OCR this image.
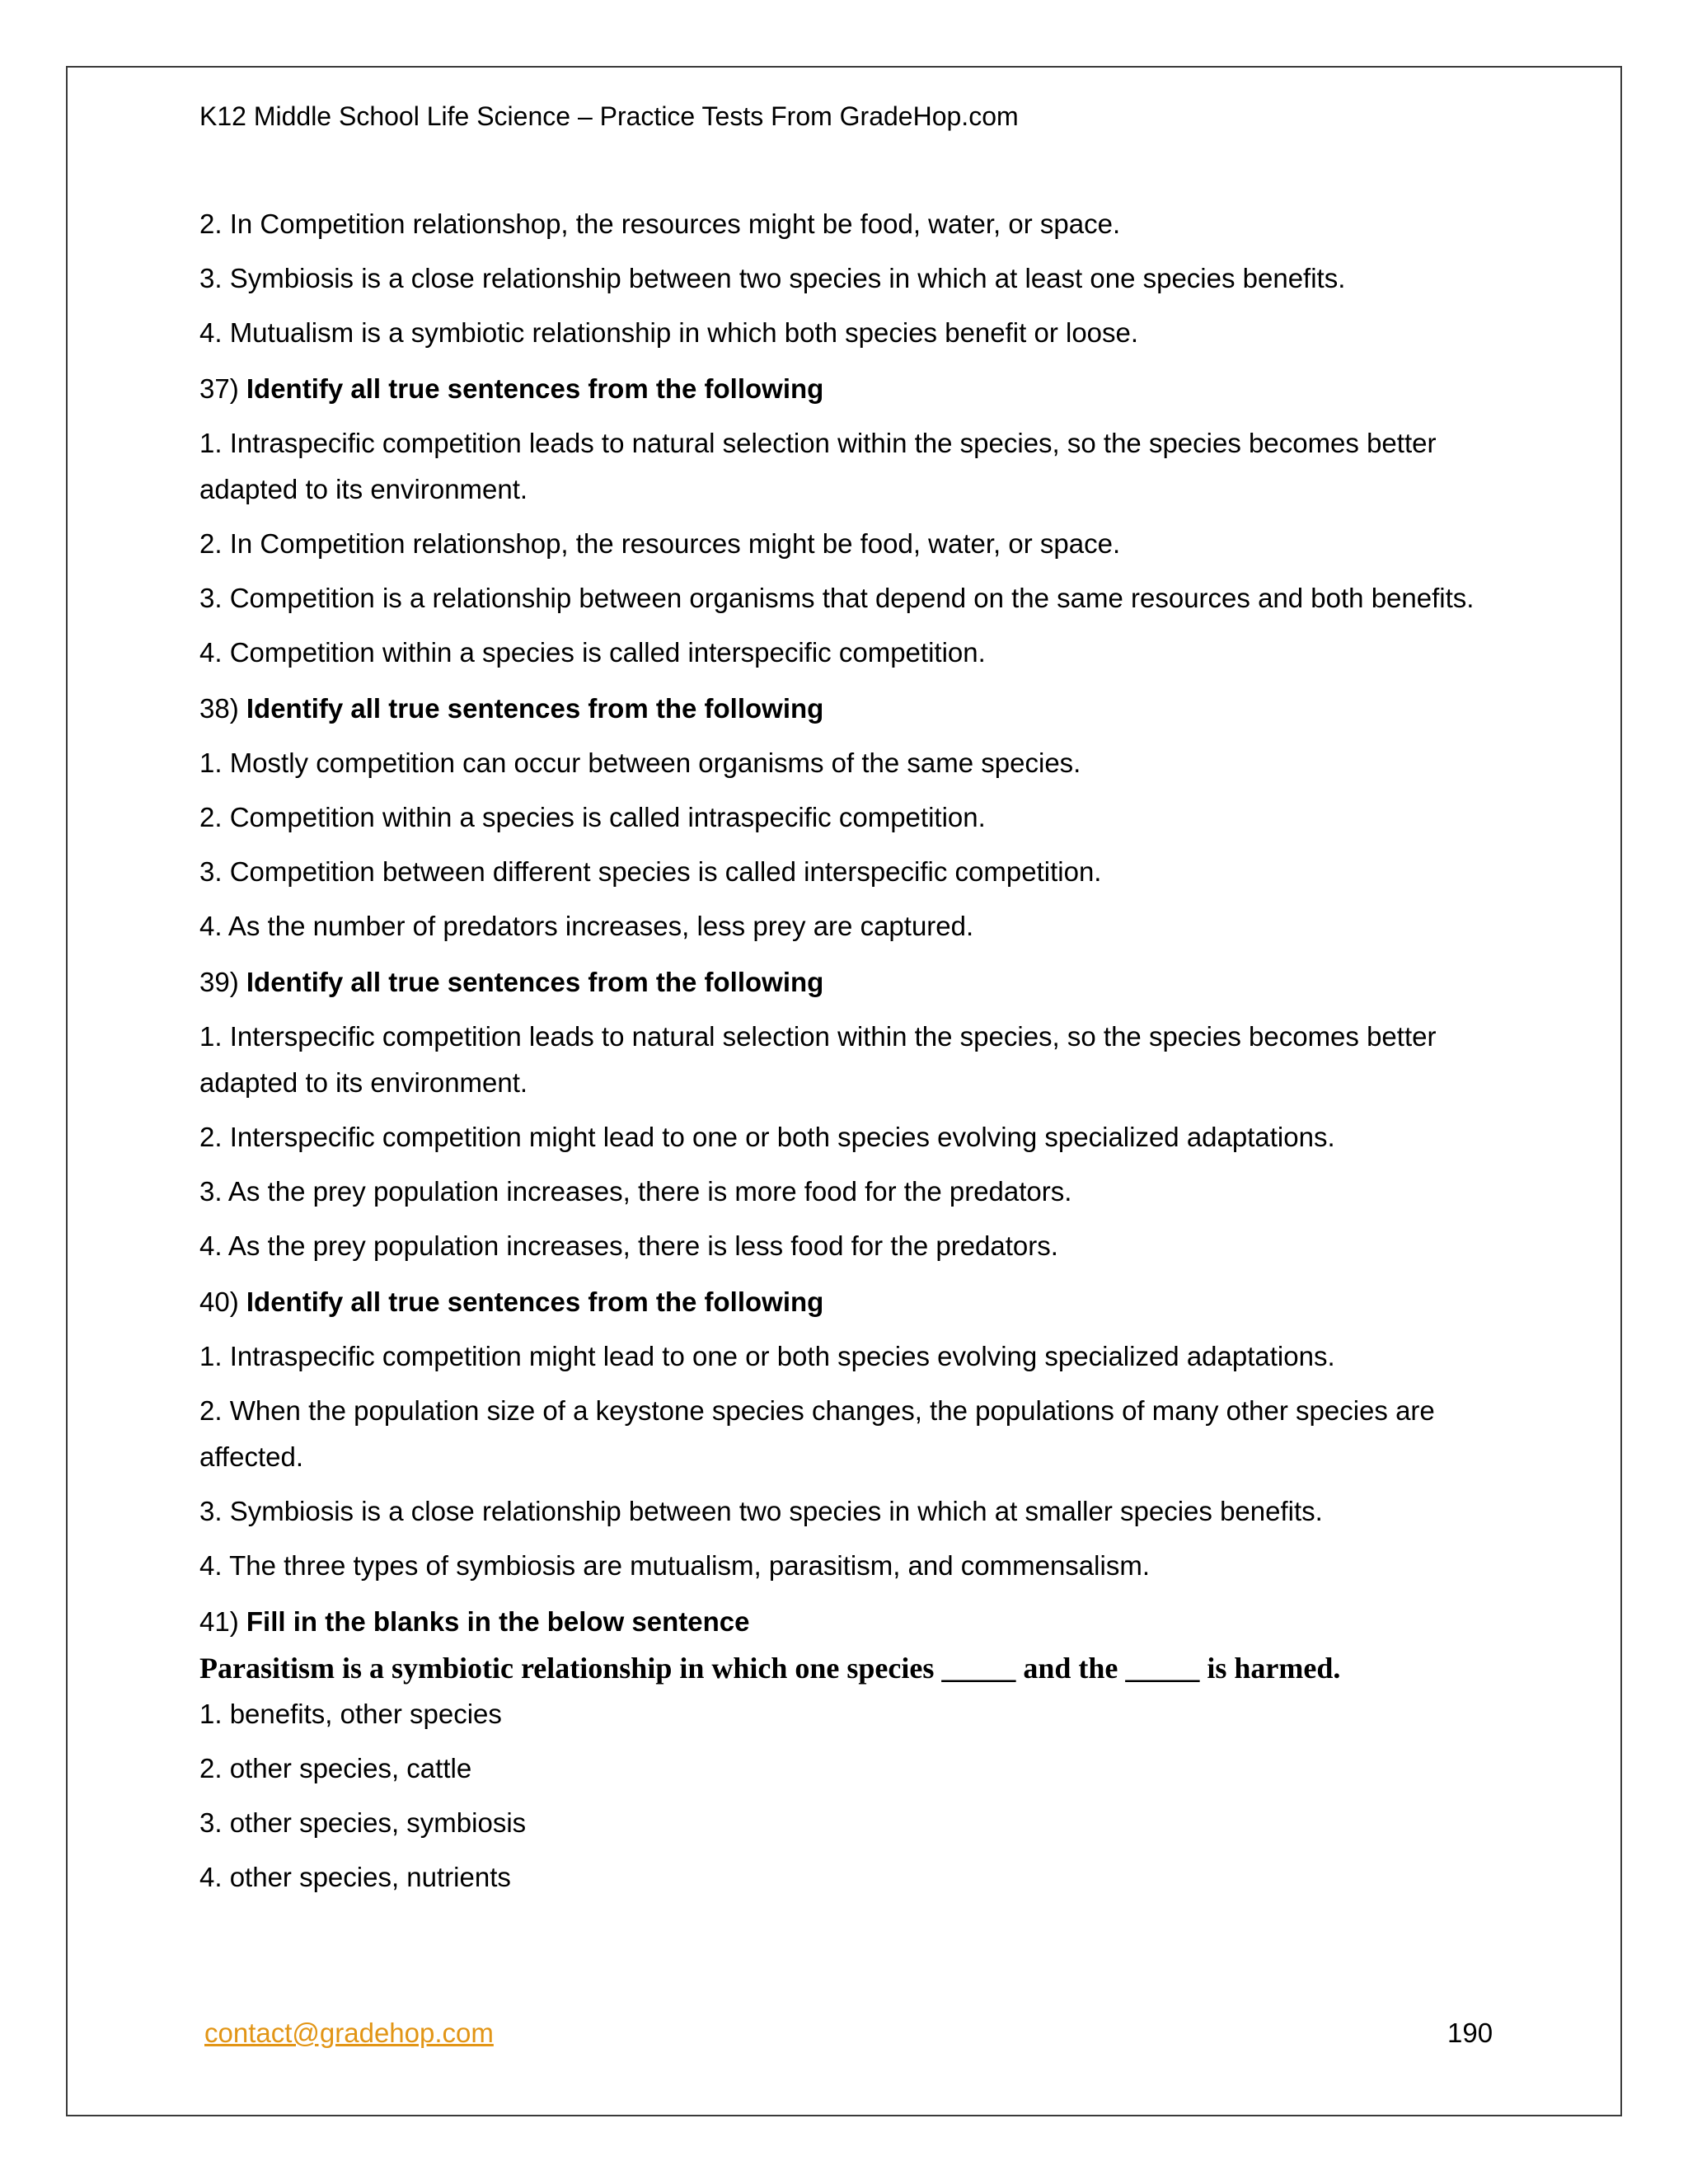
K12 Middle School Life Science – Practice Tests From GradeHop.com

2. In Competition relationshop, the resources might be food, water, or space.

3. Symbiosis is a close relationship between two species in which at least one species benefits.

4. Mutualism is a symbiotic relationship in which both species benefit or loose.

37) Identify all true sentences from the following

1. Intraspecific competition leads to natural selection within the species, so the species becomes better adapted to its environment.

2. In Competition relationshop, the resources might be food, water, or space.

3. Competition is a relationship between organisms that depend on the same resources and both benefits.

4. Competition within a species is called interspecific competition.

38) Identify all true sentences from the following

1. Mostly competition can occur between organisms of the same species.

2. Competition within a species is called intraspecific competition.

3. Competition between different species is called interspecific competition.

4. As the number of predators increases, less prey are captured.

39) Identify all true sentences from the following

1. Interspecific competition leads to natural selection within the species, so the species becomes better adapted to its environment.

2. Interspecific competition might lead to one or both species evolving specialized adaptations.

3. As the prey population increases, there is more food for the predators.

4. As the prey population increases, there is less food for the predators.

40) Identify all true sentences from the following

1. Intraspecific competition might lead to one or both species evolving specialized adaptations.

2. When the population size of a keystone species changes, the populations of many other species are affected.

3. Symbiosis is a close relationship between two species in which at smaller species benefits.

4. The three types of symbiosis are mutualism, parasitism, and commensalism.

41) Fill in the blanks in the below sentence

Parasitism is a symbiotic relationship in which one species _____ and the _____ is harmed.

1. benefits, other species

2. other species, cattle

3. other species, symbiosis

4. other species, nutrients

contact@gradehop.com	190
